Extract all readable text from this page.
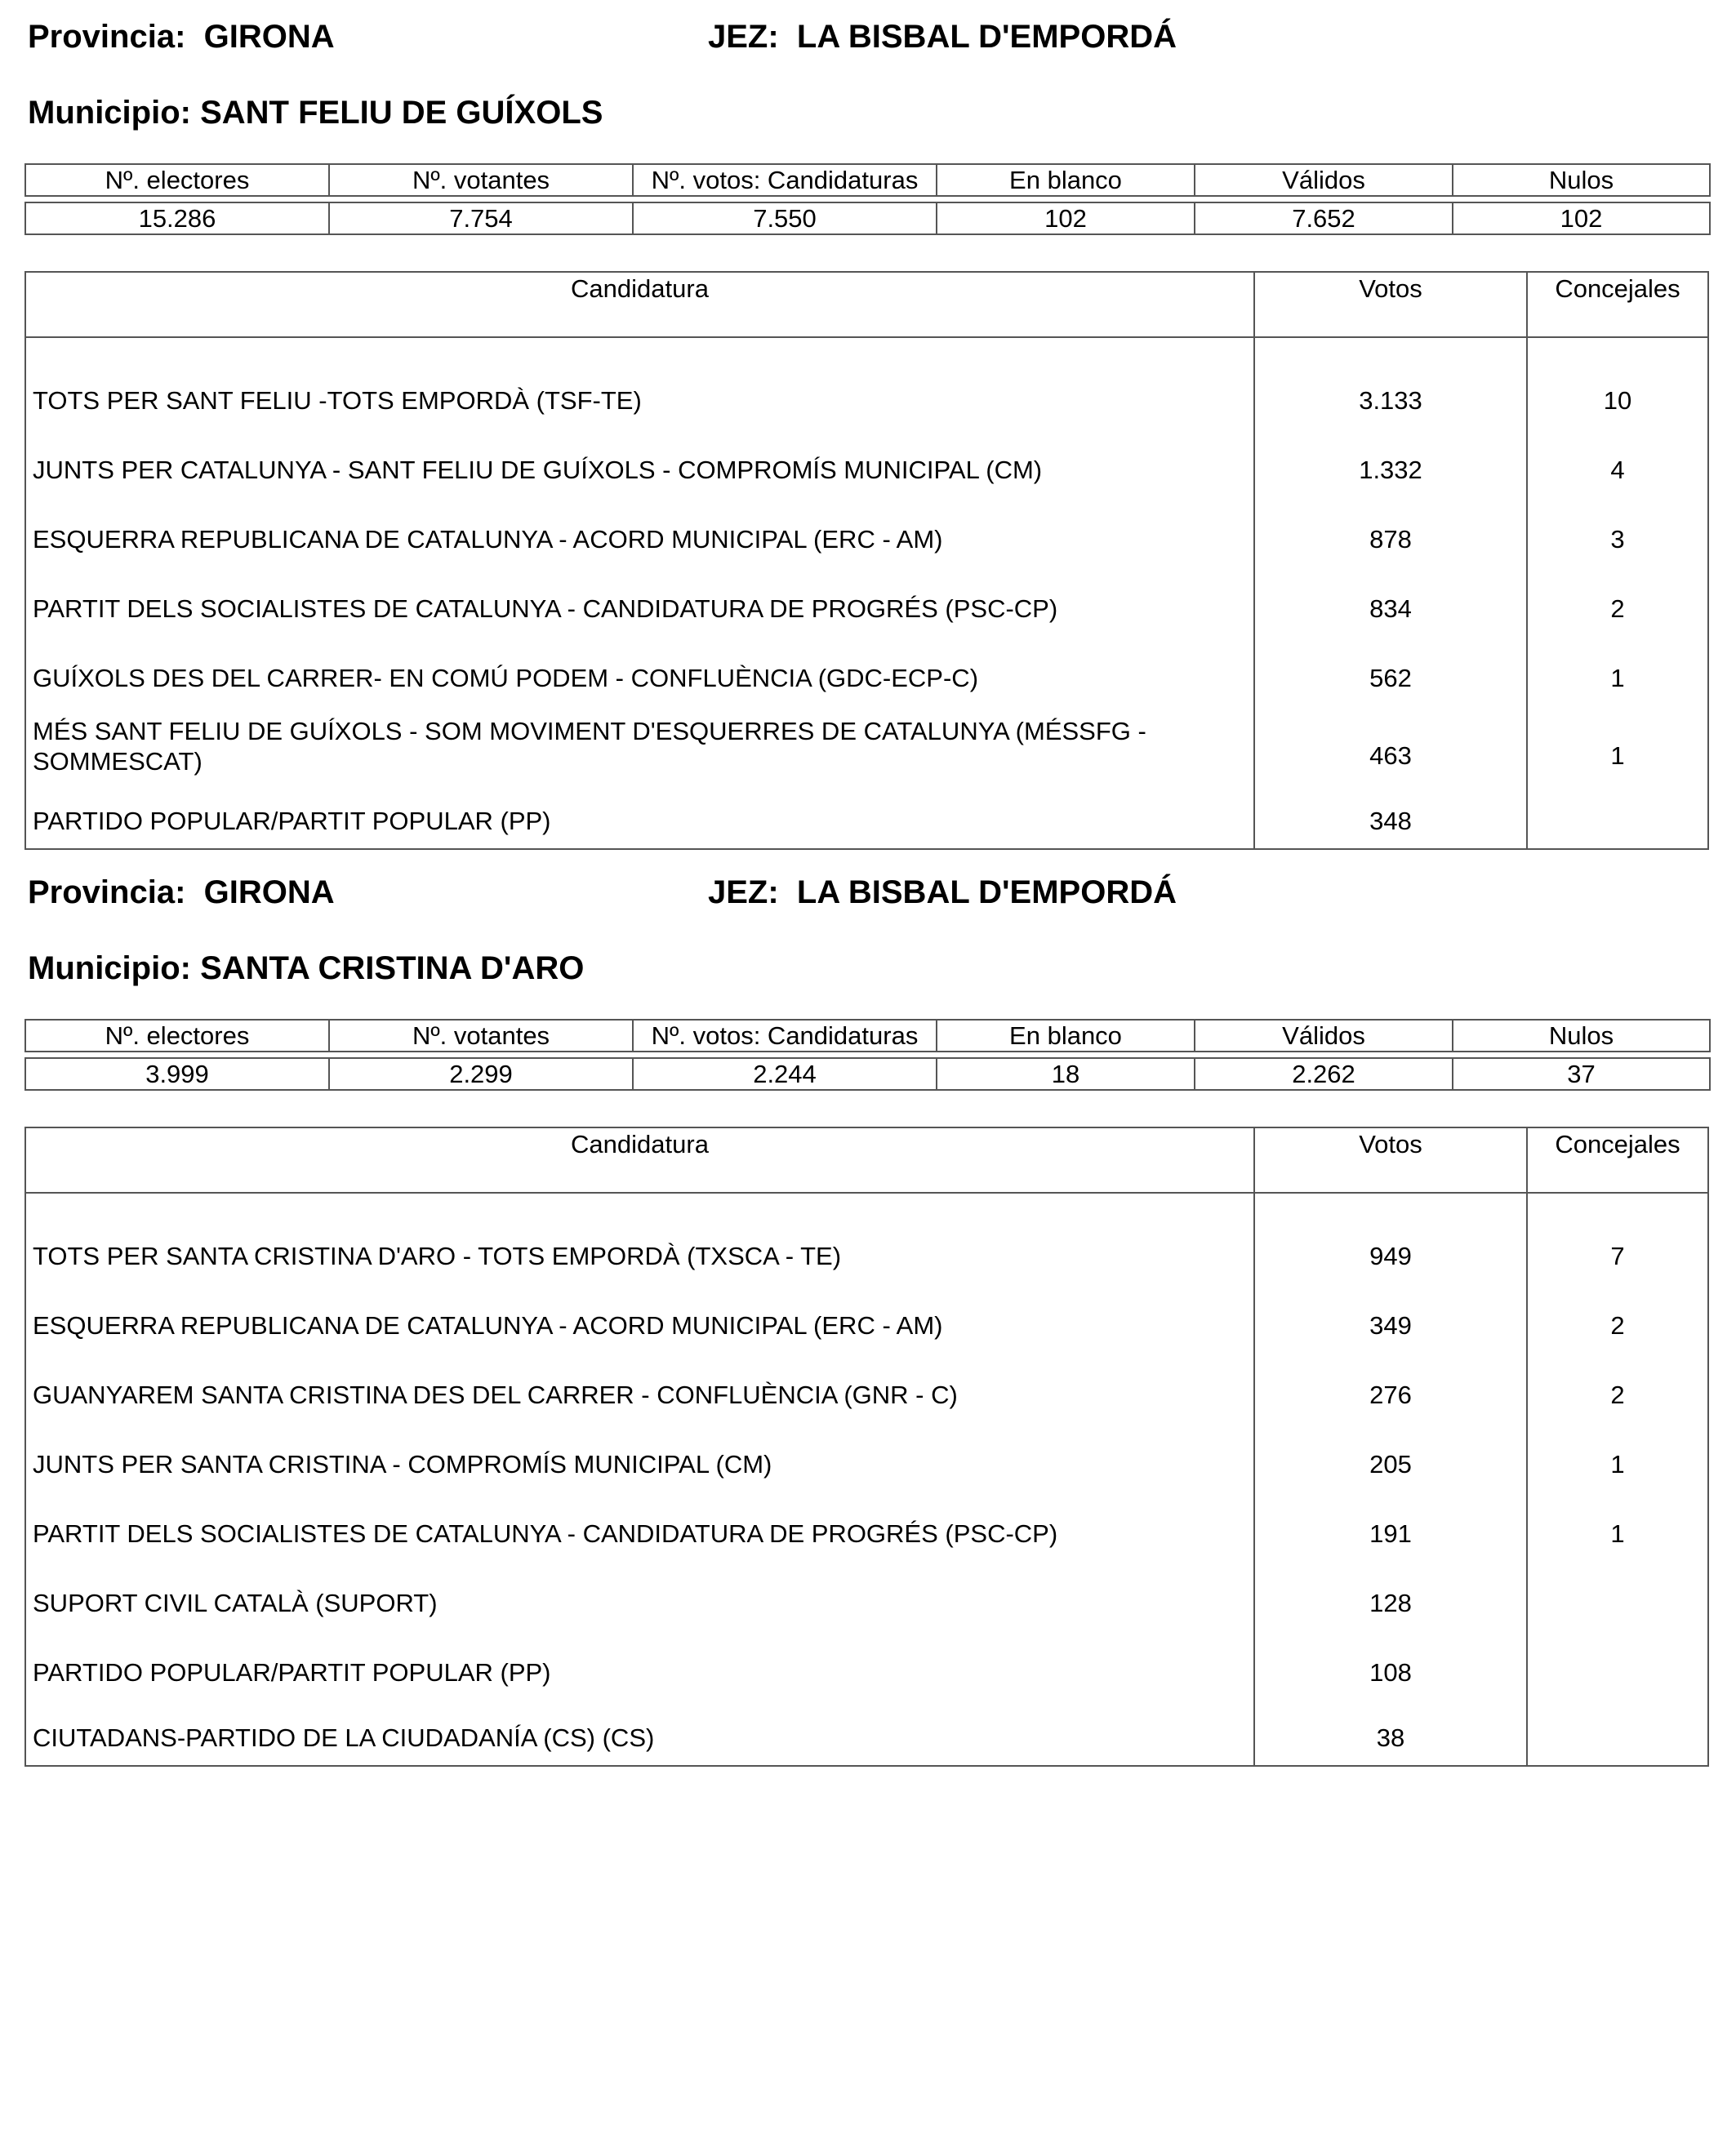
Provincia: GIRONA	JEZ: LA BISBAL D'EMPORDÁ
Municipio: SANT FELIU DE GUÍXOLS
Nº. electores	Nº. votantes	Nº. votos: Candidaturas	En blanco	Válidos	Nulos

15.286	7.754	7.550	102	7.652	102
Candidatura	Votos	Concejales
TOTS PER SANT FELIU -TOTS EMPORDÀ (TSF-TE)	3.133	10
JUNTS PER CATALUNYA - SANT FELIU DE GUÍXOLS - COMPROMÍS MUNICIPAL (CM)	1.332	4
ESQUERRA REPUBLICANA DE CATALUNYA - ACORD MUNICIPAL (ERC - AM)	878	3
PARTIT DELS SOCIALISTES DE CATALUNYA - CANDIDATURA DE PROGRÉS (PSC-CP)	834	2
GUÍXOLS DES DEL CARRER- EN COMÚ PODEM - CONFLUÈNCIA (GDC-ECP-C)	562	1
MÉS SANT FELIU DE GUÍXOLS - SOM MOVIMENT D'ESQUERRES DE CATALUNYA (MÉSSFG - SOMMESCAT)	463	1
PARTIDO POPULAR/PARTIT POPULAR (PP)	348
Provincia: GIRONA	JEZ: LA BISBAL D'EMPORDÁ
Municipio: SANTA CRISTINA D'ARO
Nº. electores	Nº. votantes	Nº. votos: Candidaturas	En blanco	Válidos	Nulos

3.999	2.299	2.244	18	2.262	37
Candidatura	Votos	Concejales
TOTS PER SANTA CRISTINA D'ARO - TOTS EMPORDÀ (TXSCA - TE)	949	7
ESQUERRA REPUBLICANA DE CATALUNYA - ACORD MUNICIPAL (ERC - AM)	349	2
GUANYAREM SANTA CRISTINA DES DEL CARRER - CONFLUÈNCIA (GNR - C)	276	2
JUNTS PER SANTA CRISTINA - COMPROMÍS MUNICIPAL (CM)	205	1
PARTIT DELS SOCIALISTES DE CATALUNYA - CANDIDATURA DE PROGRÉS (PSC-CP)	191	1
SUPORT CIVIL CATALÀ (SUPORT)	128
PARTIDO POPULAR/PARTIT POPULAR (PP)	108
CIUTADANS-PARTIDO DE LA CIUDADANÍA (CS) (CS)	38
